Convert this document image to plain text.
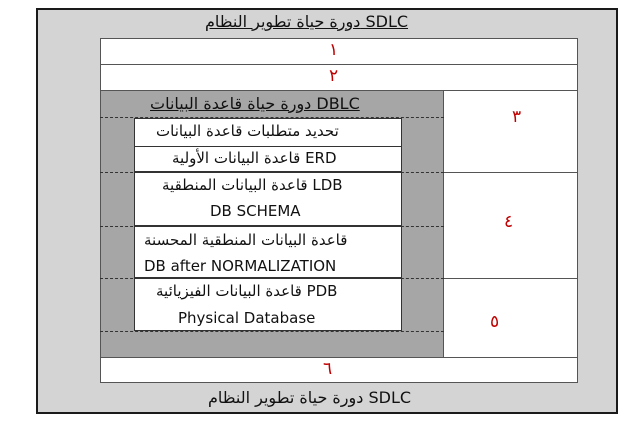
دورة حياة تطوير النظام SDLC
١
٢
٣
٤
٥
دورة حياة قاعدة البيانات DBLC
تحديد متطلبات قاعدة البيانات
قاعدة البيانات الأولية ERD
قاعدة البيانات المنطقية LDB
DB SCHEMA
قاعدة البيانات المنطقية المحسنة
DB after NORMALIZATION
قاعدة البيانات الفيزيائية PDB
Physical Database
٦
دورة حياة تطوير النظام SDLC
